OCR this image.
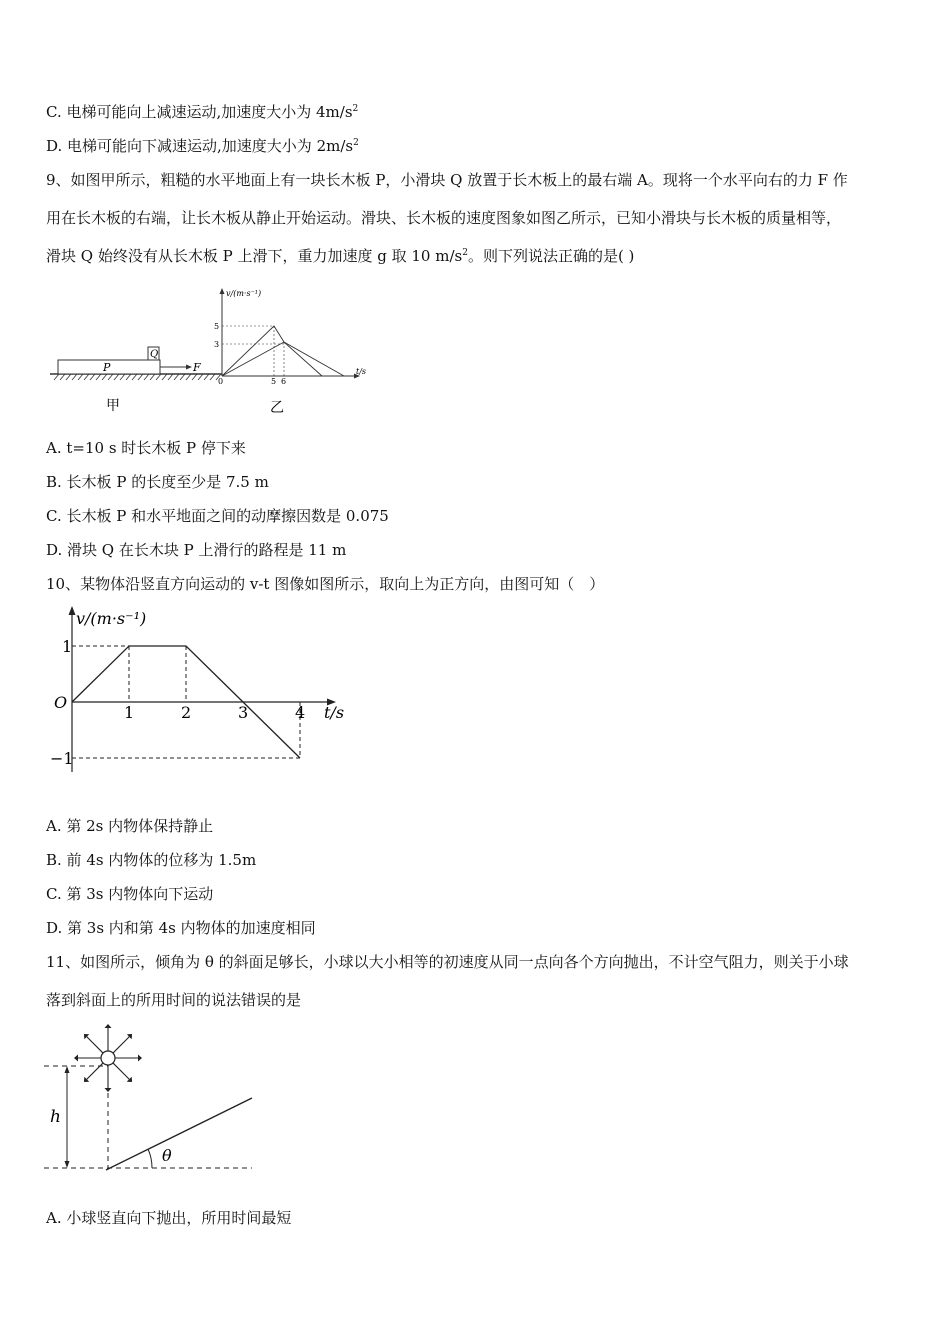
C. 电梯可能向上减速运动,加速度大小为 $4m/s^2$
D. 电梯可能向下减速运动,加速度大小为 $2m/s^2$
9、如图甲所示，粗糙的水平地面上有一块长木板 P，小滑块 Q 放置于长木板上的最右端 A。现将一个水平向右的力 F 作
用在长木板的右端，让长木板从静止开始运动。滑块、长木板的速度图象如图乙所示，已知小滑块与长木板的质量相等，
滑块 Q 始终没有从长木板 P 上滑下，重力加速度 g 取 10 $m/s^2$。则下列说法正确的是( )
P
Q
F
甲
v/(m·s⁻¹)
t/s
5
3
0	5 6
乙
A. t=10 s 时长木板 P 停下来
B. 长木板 P 的长度至少是 7.5 m
C. 长木板 P 和水平地面之间的动摩擦因数是 0.075
D. 滑块 Q 在长木块 P 上滑行的路程是 11 m
10、某物体沿竖直方向运动的 v-t 图像如图所示，取向上为正方向，由图可知（　）
v/(m·s⁻¹)
t/s
O
1	2	3	4
1
−1
A. 第 2s 内物体保持静止
B. 前 4s 内物体的位移为 1.5m
C. 第 3s 内物体向下运动
D. 第 3s 内和第 4s 内物体的加速度相同
11、如图所示，倾角为 θ 的斜面足够长，小球以大小相等的初速度从同一点向各个方向抛出，不计空气阻力，则关于小球
落到斜面上的所用时间的说法错误的是
h
θ
A. 小球竖直向下抛出，所用时间最短
